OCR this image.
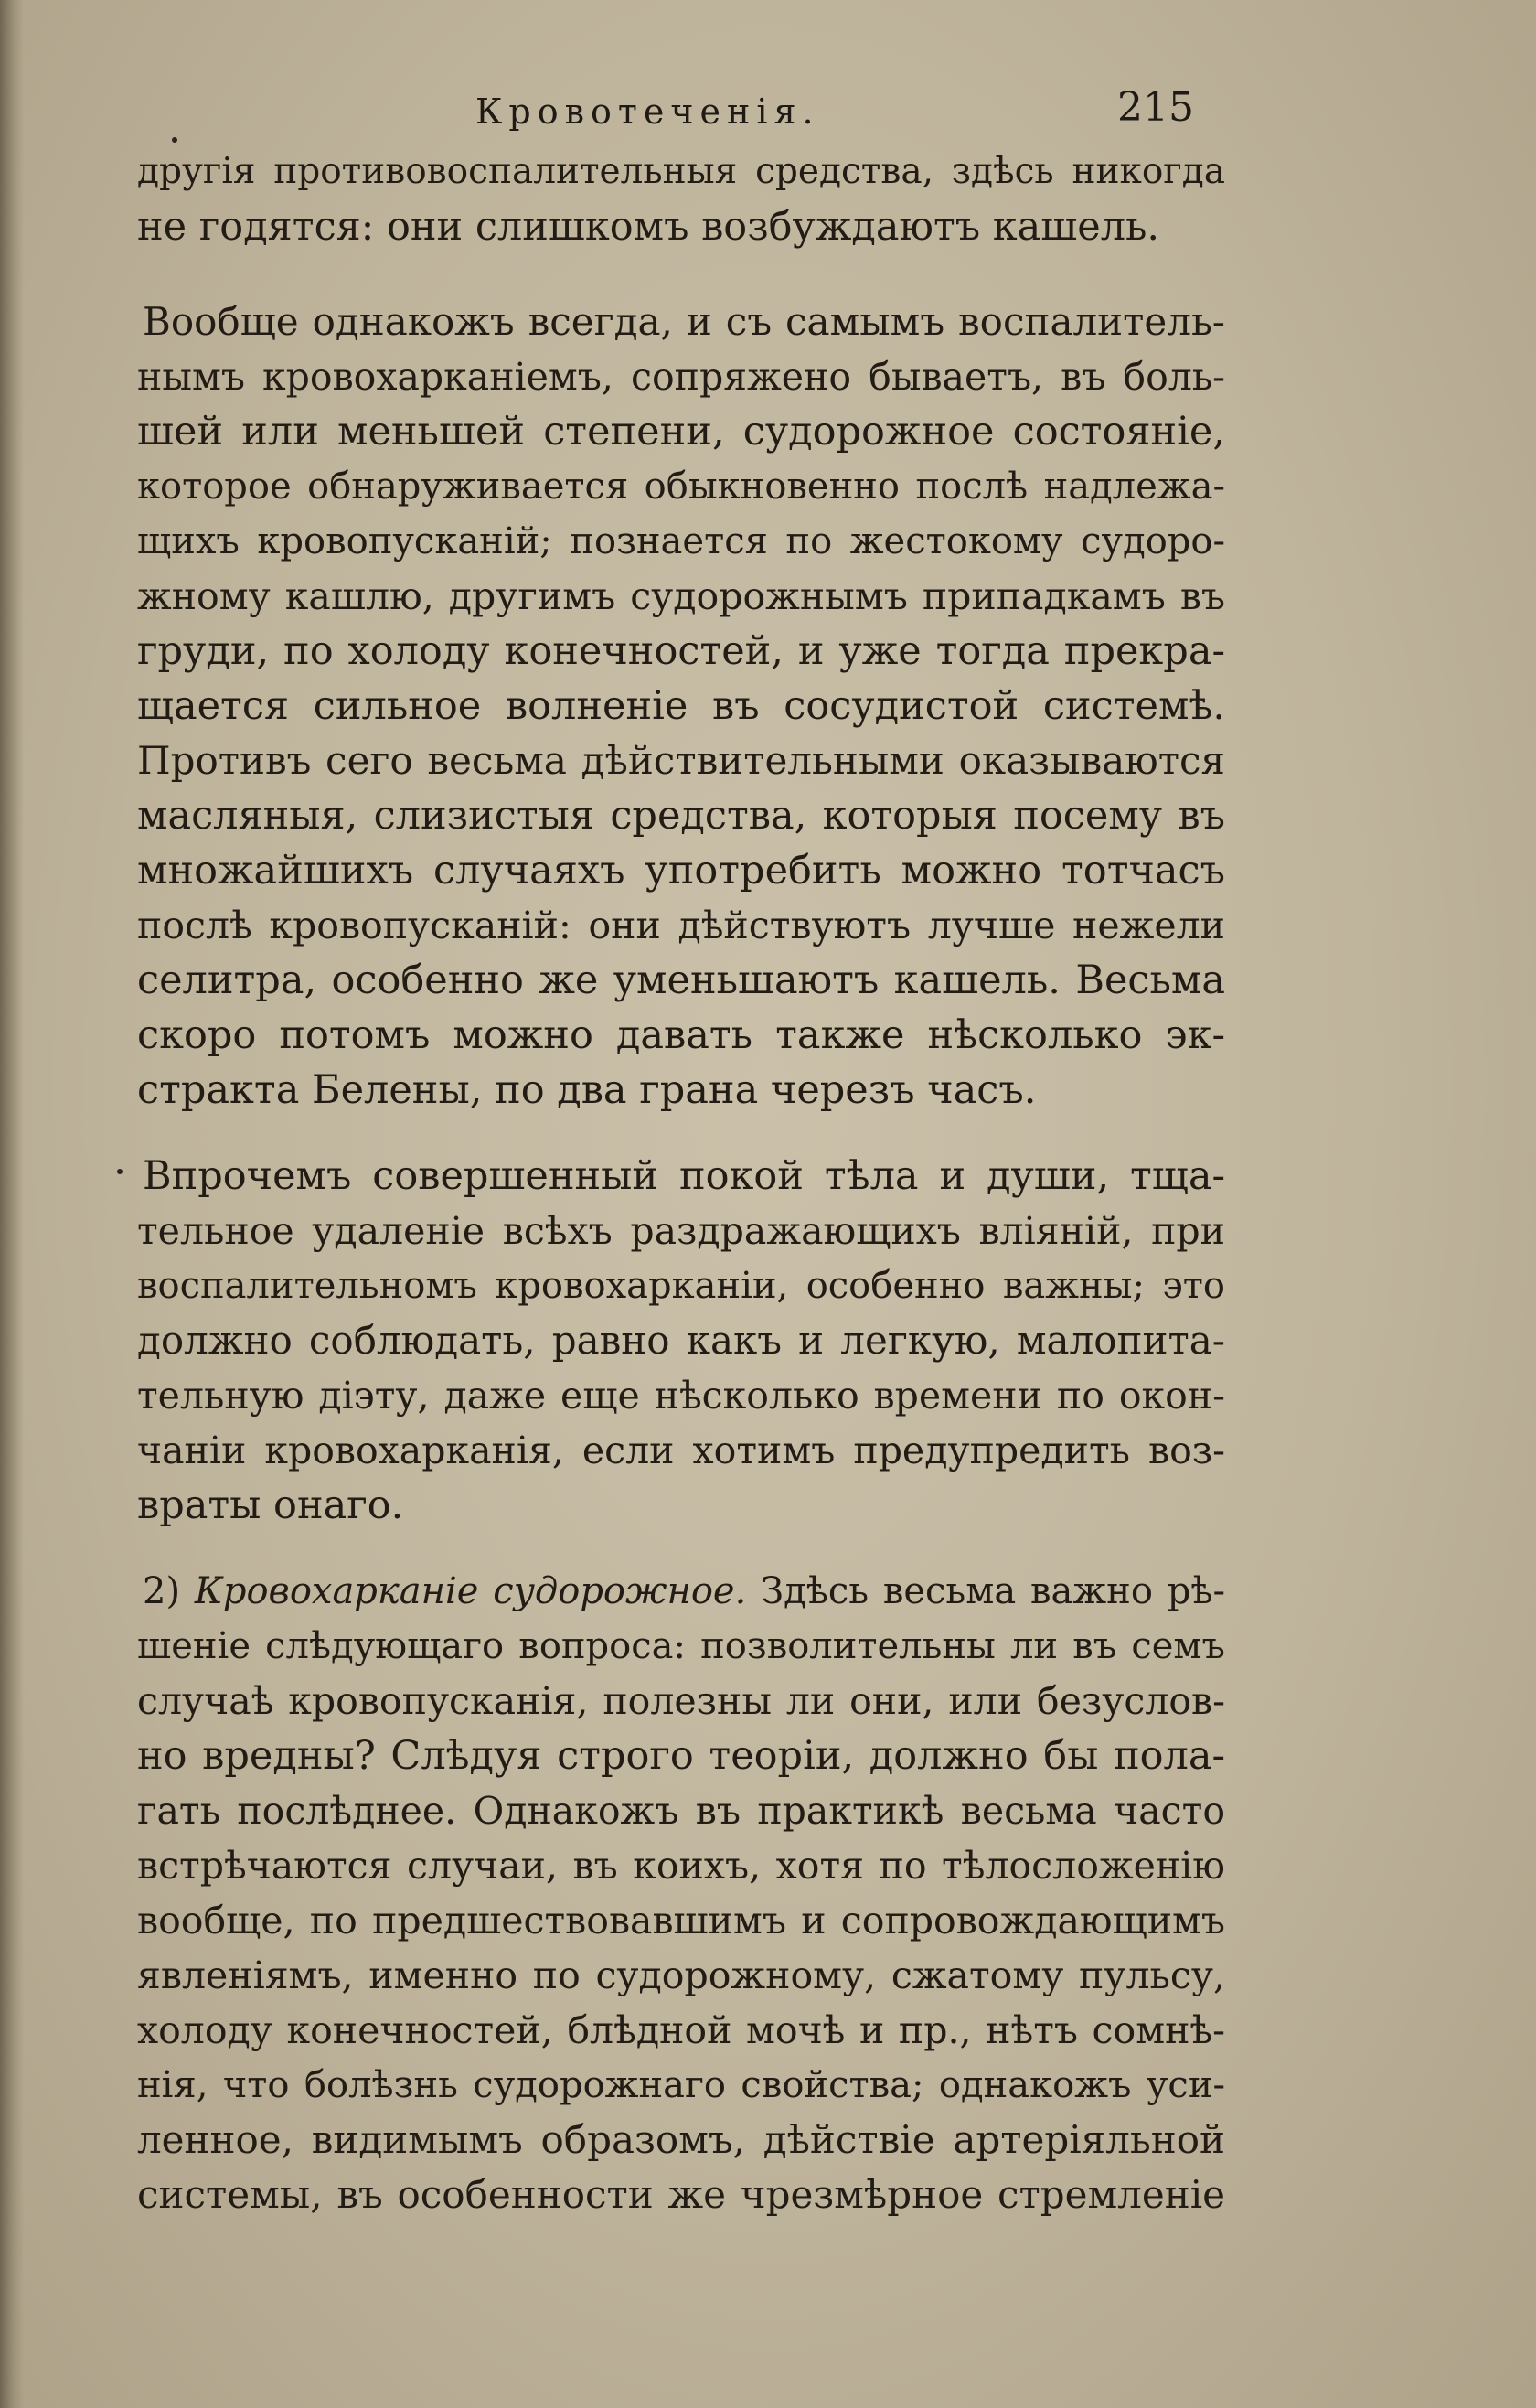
Кровотеченія.	215
другія противовоспалительныя средства, здѣсь никогда
не годятся: они слишкомъ возбуждаютъ кашель.
Вообще однакожъ всегда, и съ самымъ воспалитель-
нымъ кровохарканіемъ, сопряжено бываетъ, въ боль-
шей или меньшей степени, судорожное состояніе,
которое обнаруживается обыкновенно послѣ надлежа-
щихъ кровопусканій; познается по жестокому судоро-
жному кашлю, другимъ судорожнымъ припадкамъ въ
груди, по холоду конечностей, и уже тогда прекра-
щается сильное волненіе въ сосудистой системѣ.
Противъ сего весьма дѣйствительными оказываются
масляныя, слизистыя средства, которыя посему въ
множайшихъ случаяхъ употребить можно тотчасъ
послѣ кровопусканій: они дѣйствуютъ лучше нежели
селитра, особенно же уменьшаютъ кашель. Весьма
скоро потомъ можно давать также нѣсколько эк-
стракта Белены, по два грана черезъ часъ.
Впрочемъ совершенный покой тѣла и души, тща-
тельное удаленіе всѣхъ раздражающихъ вліяній, при
воспалительномъ кровохарканіи, особенно важны; это
должно соблюдать, равно какъ и легкую, малопита-
тельную діэту, даже еще нѣсколько времени по окон-
чаніи кровохарканія, если хотимъ предупредить воз-
враты онаго.
2) Кровохарканіе судорожное. Здѣсь весьма важно рѣ-
шеніе слѣдующаго вопроса: позволительны ли въ семъ
случаѣ кровопусканія, полезны ли они, или безуслов-
но вредны? Слѣдуя строго теоріи, должно бы пола-
гать послѣднее. Однакожъ въ практикѣ весьма часто
встрѣчаются случаи, въ коихъ, хотя по тѣлосложенію
вообще, по предшествовавшимъ и сопровождающимъ
явленіямъ, именно по судорожному, сжатому пульсу,
холоду конечностей, блѣдной мочѣ и пр., нѣтъ сомнѣ-
нія, что болѣзнь судорожнаго свойства; однакожъ уси-
ленное, видимымъ образомъ, дѣйствіе артеріяльной
системы, въ особенности же чрезмѣрное стремленіе
